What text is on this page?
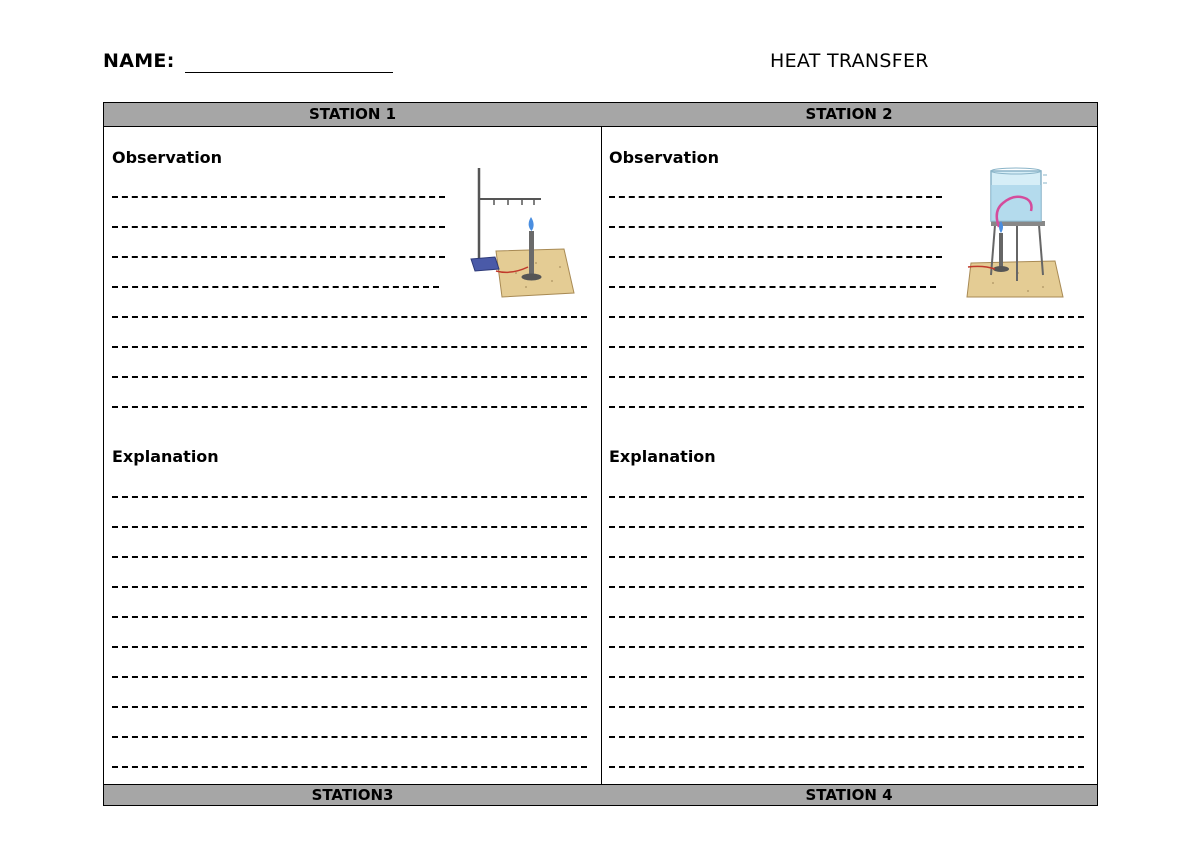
NAME:	HEAT TRANSFER
STATION 1
Observation
Explanation
STATION3
STATION 2
Observation
Explanation
STATION 4
